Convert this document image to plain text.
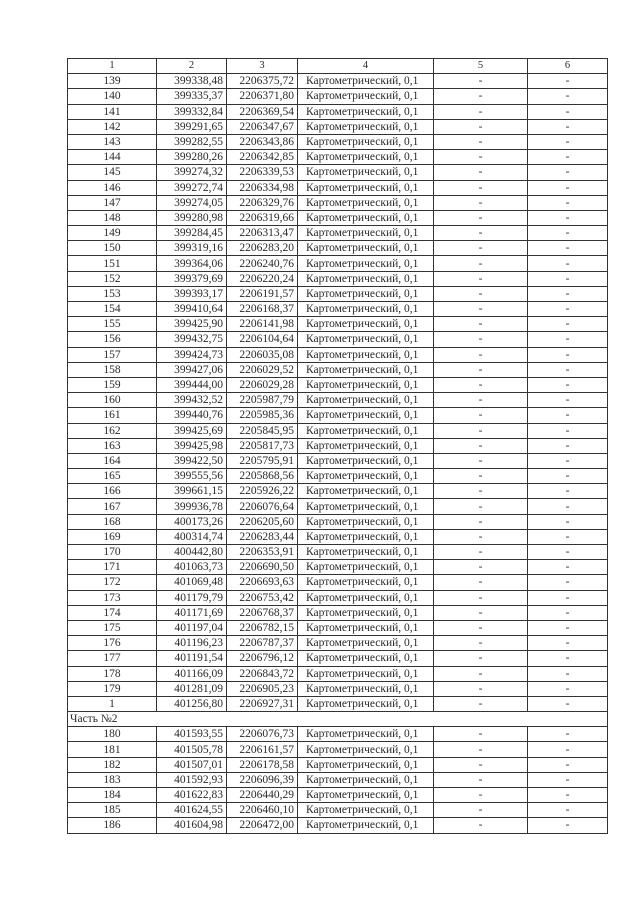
1	2	3	4	5	6
139	399338,48	2206375,72	Картометрический, 0,1	-	-
140	399335,37	2206371,80	Картометрический, 0,1	-	-
141	399332,84	2206369,54	Картометрический, 0,1	-	-
142	399291,65	2206347,67	Картометрический, 0,1	-	-
143	399282,55	2206343,86	Картометрический, 0,1	-	-
144	399280,26	2206342,85	Картометрический, 0,1	-	-
145	399274,32	2206339,53	Картометрический, 0,1	-	-
146	399272,74	2206334,98	Картометрический, 0,1	-	-
147	399274,05	2206329,76	Картометрический, 0,1	-	-
148	399280,98	2206319,66	Картометрический, 0,1	-	-
149	399284,45	2206313,47	Картометрический, 0,1	-	-
150	399319,16	2206283,20	Картометрический, 0,1	-	-
151	399364,06	2206240,76	Картометрический, 0,1	-	-
152	399379,69	2206220,24	Картометрический, 0,1	-	-
153	399393,17	2206191,57	Картометрический, 0,1	-	-
154	399410,64	2206168,37	Картометрический, 0,1	-	-
155	399425,90	2206141,98	Картометрический, 0,1	-	-
156	399432,75	2206104,64	Картометрический, 0,1	-	-
157	399424,73	2206035,08	Картометрический, 0,1	-	-
158	399427,06	2206029,52	Картометрический, 0,1	-	-
159	399444,00	2206029,28	Картометрический, 0,1	-	-
160	399432,52	2205987,79	Картометрический, 0,1	-	-
161	399440,76	2205985,36	Картометрический, 0,1	-	-
162	399425,69	2205845,95	Картометрический, 0,1	-	-
163	399425,98	2205817,73	Картометрический, 0,1	-	-
164	399422,50	2205795,91	Картометрический, 0,1	-	-
165	399555,56	2205868,56	Картометрический, 0,1	-	-
166	399661,15	2205926,22	Картометрический, 0,1	-	-
167	399936,78	2206076,64	Картометрический, 0,1	-	-
168	400173,26	2206205,60	Картометрический, 0,1	-	-
169	400314,74	2206283,44	Картометрический, 0,1	-	-
170	400442,80	2206353,91	Картометрический, 0,1	-	-
171	401063,73	2206690,50	Картометрический, 0,1	-	-
172	401069,48	2206693,63	Картометрический, 0,1	-	-
173	401179,79	2206753,42	Картометрический, 0,1	-	-
174	401171,69	2206768,37	Картометрический, 0,1	-	-
175	401197,04	2206782,15	Картометрический, 0,1	-	-
176	401196,23	2206787,37	Картометрический, 0,1	-	-
177	401191,54	2206796,12	Картометрический, 0,1	-	-
178	401166,09	2206843,72	Картометрический, 0,1	-	-
179	401281,09	2206905,23	Картометрический, 0,1	-	-
1	401256,80	2206927,31	Картометрический, 0,1	-	-
Часть №2					
180	401593,55	2206076,73	Картометрический, 0,1	-	-
181	401505,78	2206161,57	Картометрический, 0,1	-	-
182	401507,01	2206178,58	Картометрический, 0,1	-	-
183	401592,93	2206096,39	Картометрический, 0,1	-	-
184	401622,83	2206440,29	Картометрический, 0,1	-	-
185	401624,55	2206460,10	Картометрический, 0,1	-	-
186	401604,98	2206472,00	Картометрический, 0,1	-	-
